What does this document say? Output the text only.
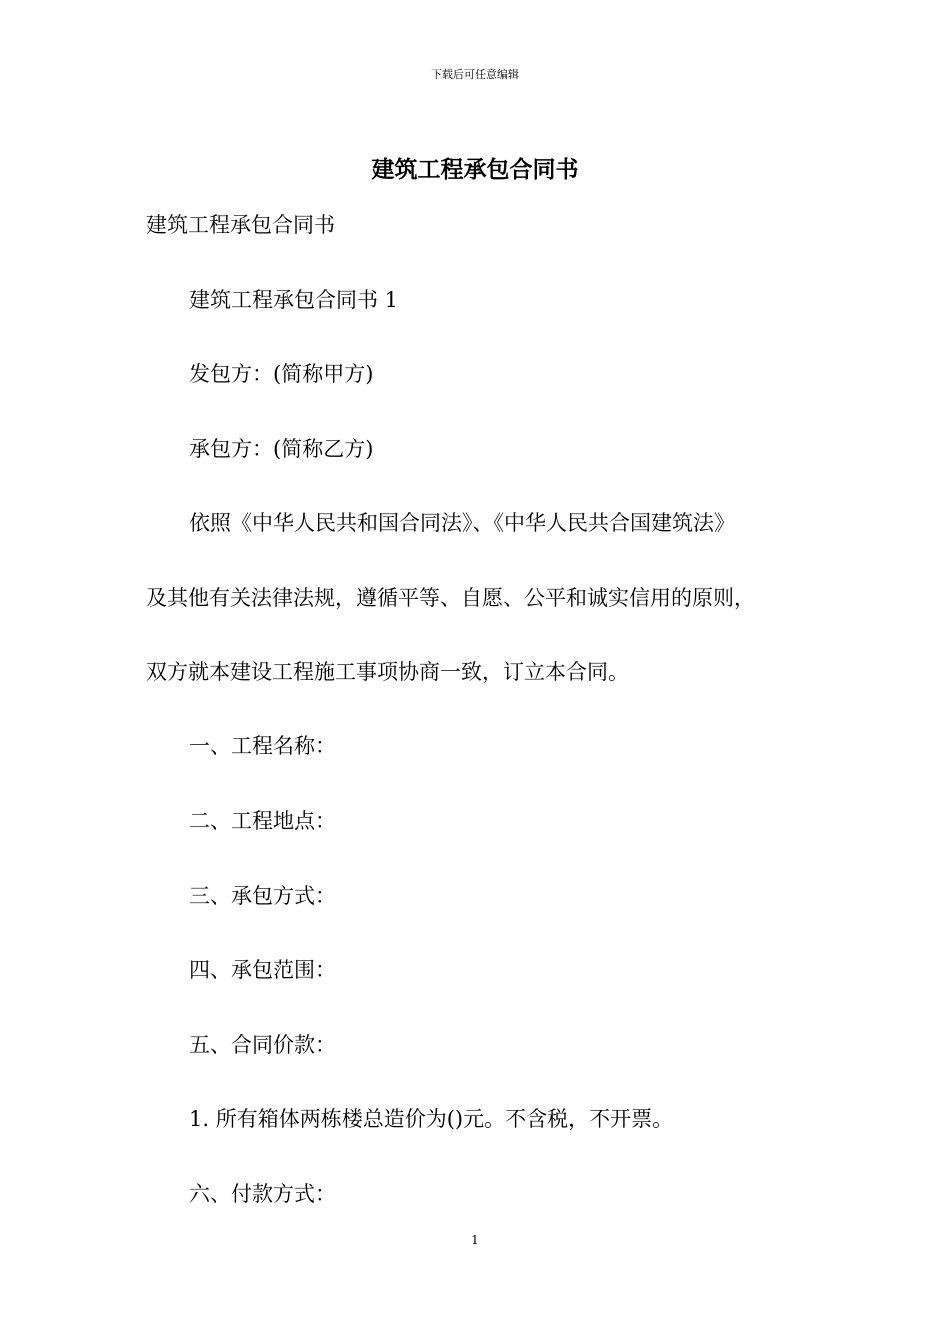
下载后可任意编辑
建筑工程承包合同书
建筑工程承包合同书
建筑工程承包合同书 1
发包方：(简称甲方)
承包方：(简称乙方)
依照《中华人民共和国合同法》、《中华人民共合国建筑法》
及其他有关法律法规，遵循平等、自愿、公平和诚实信用的原则，
双方就本建设工程施工事项协商一致，订立本合同。
一、工程名称：
二、工程地点：
三、承包方式：
四、承包范围：
五、合同价款：
1. 所有箱体两栋楼总造价为()元。不含税，不开票。
六、付款方式：
1
